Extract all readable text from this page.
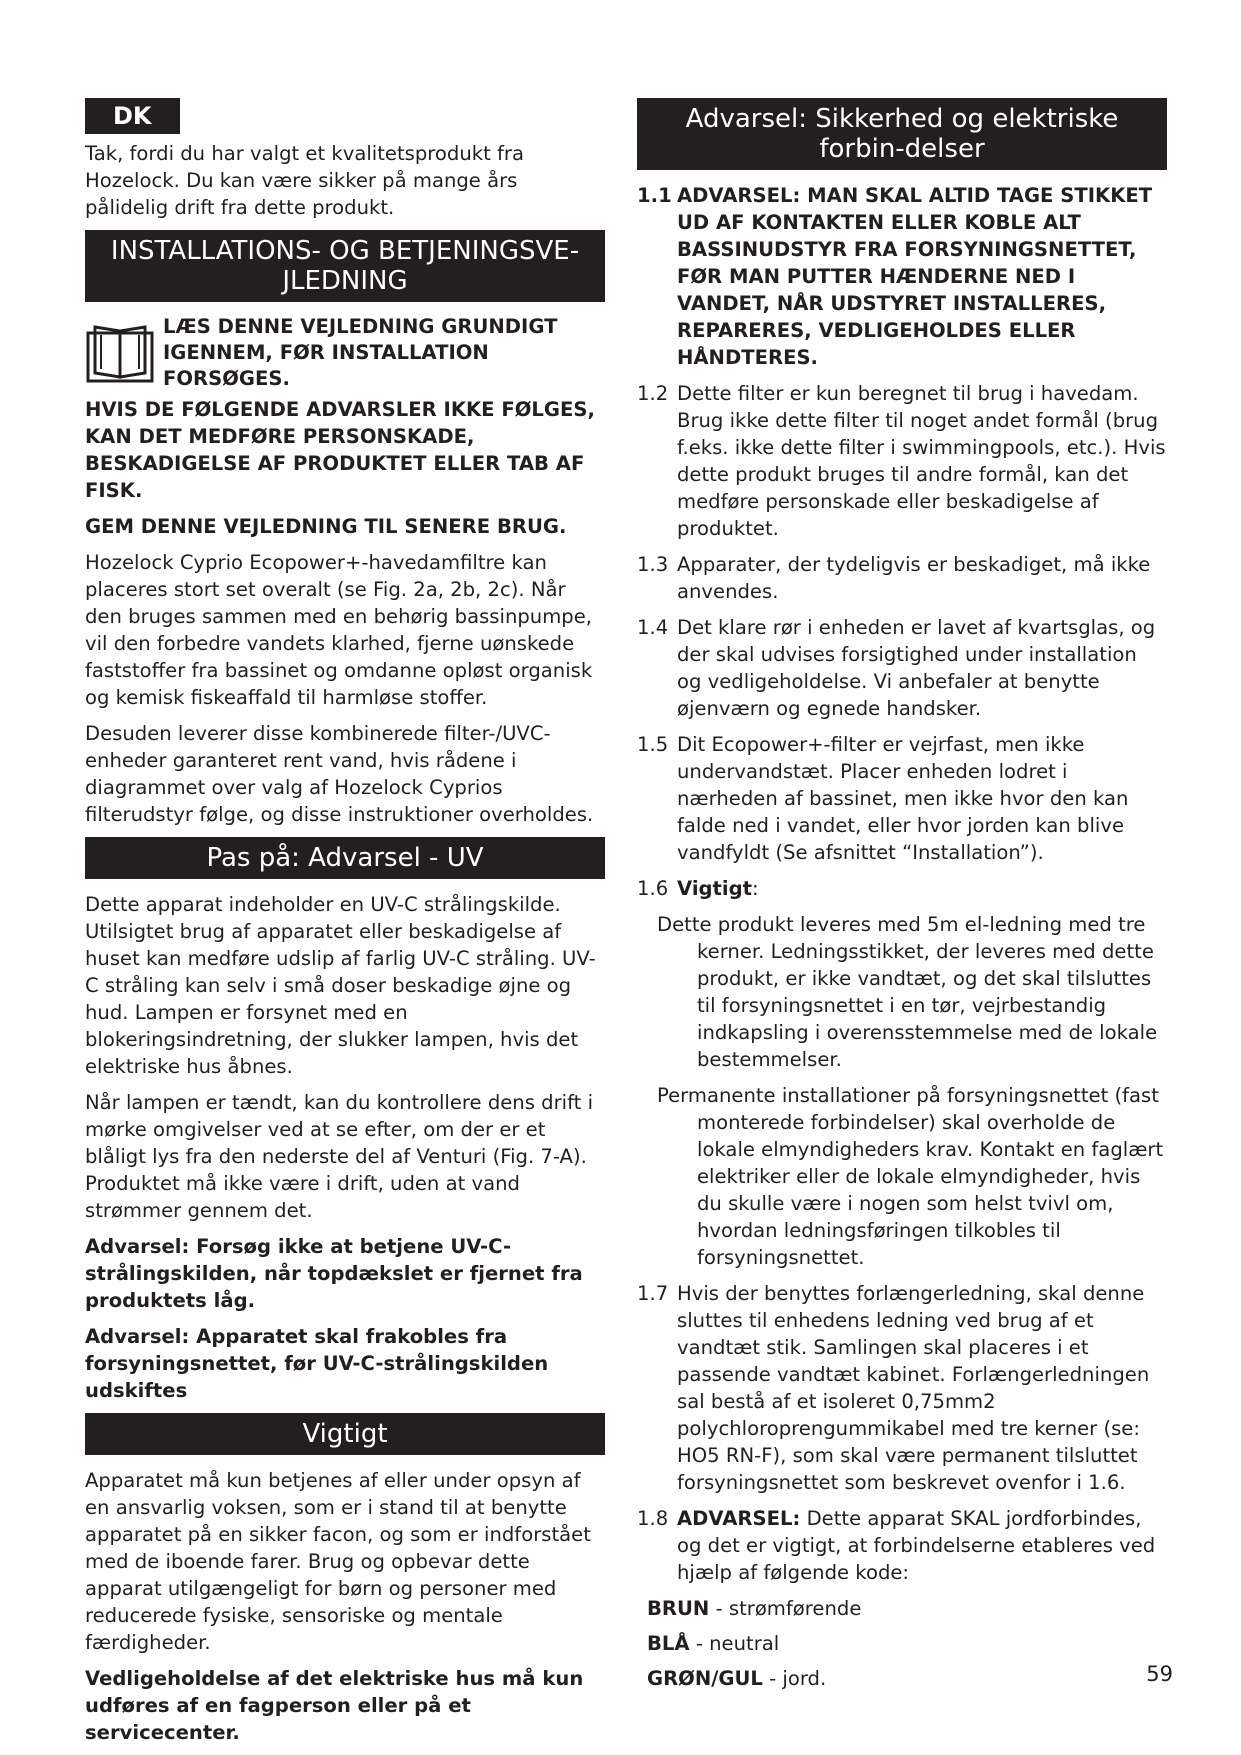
DK

Tak, fordi du har valgt et kvalitetsprodukt fra Hozelock. Du kan være sikker på mange års pålidelig drift fra dette produkt.

INSTALLATIONS- OG BETJENINGSVE-JLEDNING
LÆS DENNE VEJLEDNING GRUNDIGT IGENNEM, FØR INSTALLATION FORSØGES.

HVIS DE FØLGENDE ADVARSLER IKKE FØLGES, KAN DET MEDFØRE PERSONSKADE, BESKADIGELSE AF PRODUKTET ELLER TAB AF FISK.

GEM DENNE VEJLEDNING TIL SENERE BRUG.

Hozelock Cyprio Ecopower+-havedamfiltre kan placeres stort set overalt (se Fig. 2a, 2b, 2c). Når den bruges sammen med en behørig bassinpumpe, vil den forbedre vandets klarhed, fjerne uønskede faststoffer fra bassinet og omdanne opløst organisk og kemisk fiskeaffald til harmløse stoffer.

Desuden leverer disse kombinerede filter-/UVC-enheder garanteret rent vand, hvis rådene i diagrammet over valg af Hozelock Cyprios filterudstyr følge, og disse instruktioner overholdes.

Pas på: Advarsel - UV

Dette apparat indeholder en UV-C strålingskilde. Utilsigtet brug af apparatet eller beskadigelse af huset kan medføre udslip af farlig UV-C stråling. UV-C stråling kan selv i små doser beskadige øjne og hud. Lampen er forsynet med en blokeringsindretning, der slukker lampen, hvis det elektriske hus åbnes.

Når lampen er tændt, kan du kontrollere dens drift i mørke omgivelser ved at se efter, om der er et blåligt lys fra den nederste del af Venturi (Fig. 7-A). Produktet må ikke være i drift, uden at vand strømmer gennem det.

Advarsel: Forsøg ikke at betjene UV-C-strålingskilden, når topdækslet er fjernet fra produktets låg.

Advarsel: Apparatet skal frakobles fra forsyningsnettet, før UV-C-strålingskilden udskiftes

Vigtigt

Apparatet må kun betjenes af eller under opsyn af en ansvarlig voksen, som er i stand til at benytte apparatet på en sikker facon, og som er indforstået med de iboende farer. Brug og opbevar dette apparat utilgængeligt for børn og personer med reducerede fysiske, sensoriske og mentale færdigheder.

Vedligeholdelse af det elektriske hus må kun udføres af en fagperson eller på et servicecenter.

Advarsel: Sikkerhed og elektriske forbin-delser
1.1 ADVARSEL: MAN SKAL ALTID TAGE STIKKET UD AF KONTAKTEN ELLER KOBLE ALT BASSINUDSTYR FRA FORSYNINGSNETTET, FØR MAN PUTTER HÆNDERNE NED I VANDET, NÅR UDSTYRET INSTALLERES, REPARERES, VEDLIGEHOLDES ELLER HÅNDTERES.
1.2 Dette filter er kun beregnet til brug i havedam. Brug ikke dette filter til noget andet formål (brug f.eks. ikke dette filter i swimmingpools, etc.). Hvis dette produkt bruges til andre formål, kan det medføre personskade eller beskadigelse af produktet.
1.3 Apparater, der tydeligvis er beskadiget, må ikke anvendes.
1.4 Det klare rør i enheden er lavet af kvartsglas, og der skal udvises forsigtighed under installation og vedligeholdelse. Vi anbefaler at benytte øjenværn og egnede handsker.
1.5 Dit Ecopower+-filter er vejrfast, men ikke undervandstæt. Placer enheden lodret i nærheden af bassinet, men ikke hvor den kan falde ned i vandet, eller hvor jorden kan blive vandfyldt (Se afsnittet “Installation”).
1.6 Vigtigt:

Dette produkt leveres med 5m el-ledning med tre kerner. Ledningsstikket, der leveres med dette produkt, er ikke vandtæt, og det skal tilsluttes til forsyningsnettet i en tør, vejrbestandig indkapsling i overensstemmelse med de lokale bestemmelser.

Permanente installationer på forsyningsnettet (fast monterede forbindelser) skal overholde de lokale elmyndigheders krav. Kontakt en faglært elektriker eller de lokale elmyndigheder, hvis du skulle være i nogen som helst tvivl om, hvordan ledningsføringen tilkobles til forsyningsnettet.

1.7 Hvis der benyttes forlængerledning, skal denne sluttes til enhedens ledning ved brug af et vandtæt stik. Samlingen skal placeres i et passende vandtæt kabinet. Forlængerledningen sal bestå af et isoleret 0,75mm2 polychloroprengummikabel med tre kerner (se: HO5 RN-F), som skal være permanent tilsluttet forsyningsnettet som beskrevet ovenfor i 1.6.
1.8 ADVARSEL: Dette apparat SKAL jordforbindes, og det er vigtigt, at forbindelserne etableres ved hjælp af følgende kode:
BRUN - strømførende
BLÅ - neutral
GRØN/GUL - jord.	59
